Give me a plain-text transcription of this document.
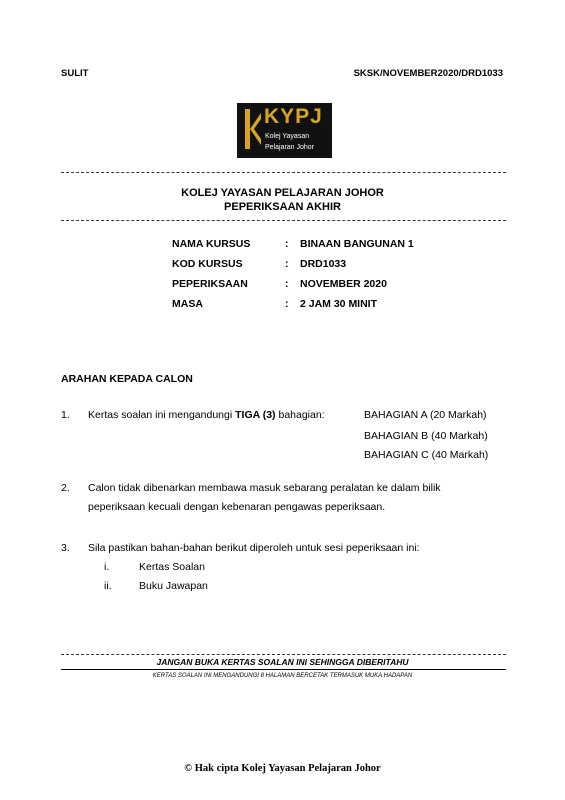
SULIT	SKSK/NOVEMBER2020/DRD1033
KYPJ
Kolej Yayasan
Pelajaran Johor
KOLEJ YAYASAN PELAJARAN JOHOR
PEPERIKSAAN AKHIR
NAMA KURSUS	: BINAAN BANGUNAN 1
KOD KURSUS	: DRD1033
PEPERIKSAAN	: NOVEMBER 2020
MASA	: 2 JAM 30 MINIT
ARAHAN KEPADA CALON
1. Kertas soalan ini mengandungi TIGA (3) bahagian:	BAHAGIAN A (20 Markah)
BAHAGIAN B (40 Markah)
BAHAGIAN C (40 Markah)
2. Calon tidak dibenarkan membawa masuk sebarang peralatan ke dalam bilik
peperiksaan kecuali dengan kebenaran pengawas peperiksaan.
3. Sila pastikan bahan-bahan berikut diperoleh untuk sesi peperiksaan ini:
i.	Kertas Soalan
ii.	Buku Jawapan
JANGAN BUKA KERTAS SOALAN INI SEHINGGA DIBERITAHU
KERTAS SOALAN INI MENGANDUNGI 8 HALAMAN BERCETAK TERMASUK MUKA HADAPAN
© Hak cipta Kolej Yayasan Pelajaran Johor
